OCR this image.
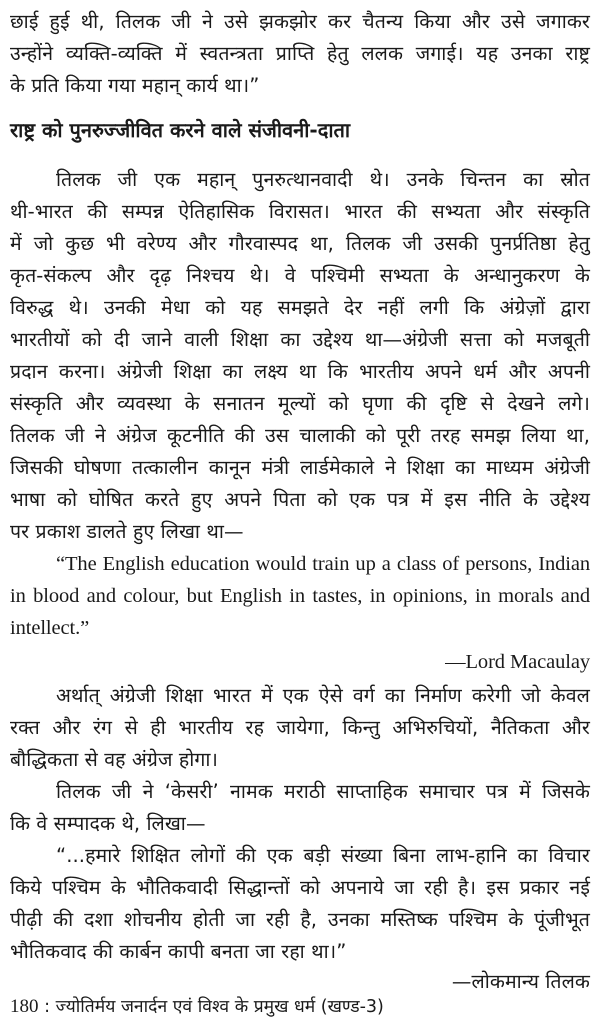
छाई हुई थी, तिलक जी ने उसे झकझोर कर चैतन्य किया और उसे जगाकर
उन्होंने व्यक्ति-व्यक्ति में स्वतन्त्रता प्राप्ति हेतु ललक जगाई। यह उनका राष्ट्र
के प्रति किया गया महान् कार्य था।”
राष्ट्र को पुनरुज्जीवित करने वाले संजीवनी-दाता
तिलक जी एक महान् पुनरुत्थानवादी थे। उनके चिन्तन का स्रोत
थी-भारत की सम्पन्न ऐतिहासिक विरासत। भारत की सभ्यता और संस्कृति
में जो कुछ भी वरेण्य और गौरवास्पद था, तिलक जी उसकी पुनर्प्रतिष्ठा हेतु
कृत-संकल्प और दृढ़ निश्चय थे। वे पश्चिमी सभ्यता के अन्धानुकरण के
विरुद्ध थे। उनकी मेधा को यह समझते देर नहीं लगी कि अंग्रेज़ों द्वारा
भारतीयों को दी जाने वाली शिक्षा का उद्देश्य था—अंग्रेजी सत्ता को मजबूती
प्रदान करना। अंग्रेजी शिक्षा का लक्ष्य था कि भारतीय अपने धर्म और अपनी
संस्कृति और व्यवस्था के सनातन मूल्यों को घृणा की दृष्टि से देखने लगे।
तिलक जी ने अंग्रेज कूटनीति की उस चालाकी को पूरी तरह समझ लिया था,
जिसकी घोषणा तत्कालीन कानून मंत्री लार्डमेकाले ने शिक्षा का माध्यम अंग्रेजी
भाषा को घोषित करते हुए अपने पिता को एक पत्र में इस नीति के उद्देश्य
पर प्रकाश डालते हुए लिखा था—
“The English education would train up a class of persons, Indian
in blood and colour, but English in tastes, in opinions, in morals and
intellect.”
—Lord Macaulay
अर्थात् अंग्रेजी शिक्षा भारत में एक ऐसे वर्ग का निर्माण करेगी जो केवल
रक्त और रंग से ही भारतीय रह जायेगा, किन्तु अभिरुचियों, नैतिकता और
बौद्धिकता से वह अंग्रेज होगा।
तिलक जी ने ‘केसरी’ नामक मराठी साप्ताहिक समाचार पत्र में जिसके
कि वे सम्पादक थे, लिखा—
“...हमारे शिक्षित लोगों की एक बड़ी संख्या बिना लाभ-हानि का विचार
किये पश्चिम के भौतिकवादी सिद्धान्तों को अपनाये जा रही है। इस प्रकार नई
पीढ़ी की दशा शोचनीय होती जा रही है, उनका मस्तिष्क पश्चिम के पूंजीभूत
भौतिकवाद की कार्बन कापी बनता जा रहा था।”
—लोकमान्य तिलक
180 : ज्योतिर्मय जनार्दन एवं विश्व के प्रमुख धर्म (खण्ड-3)
